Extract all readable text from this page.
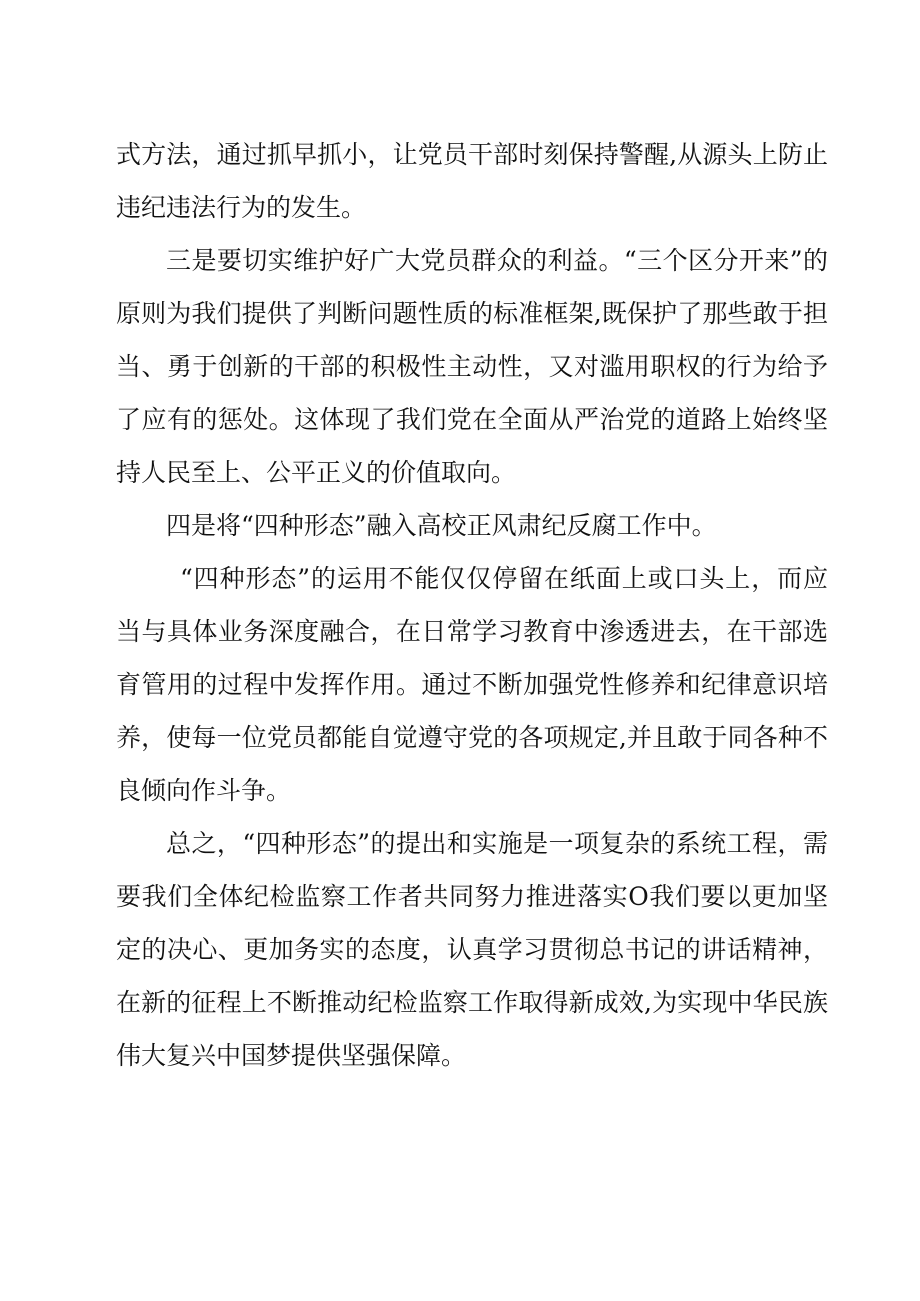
式方法，通过抓早抓小，让党员干部时刻保持警醒,从源头上防止违纪违法行为的发生。

三是要切实维护好广大党员群众的利益。“三个区分开来”的原则为我们提供了判断问题性质的标准框架,既保护了那些敢于担当、勇于创新的干部的积极性主动性，又对滥用职权的行为给予了应有的惩处。这体现了我们党在全面从严治党的道路上始终坚持人民至上、公平正义的价值取向。

四是将“四种形态”融入高校正风肃纪反腐工作中。

“四种形态”的运用不能仅仅停留在纸面上或口头上，而应当与具体业务深度融合，在日常学习教育中渗透进去，在干部选育管用的过程中发挥作用。通过不断加强党性修养和纪律意识培养，使每一位党员都能自觉遵守党的各项规定,并且敢于同各种不良倾向作斗争。

总之，“四种形态”的提出和实施是一项复杂的系统工程，需要我们全体纪检监察工作者共同努力推进落实O我们要以更加坚定的决心、更加务实的态度，认真学习贯彻总书记的讲话精神，在新的征程上不断推动纪检监察工作取得新成效,为实现中华民族伟大复兴中国梦提供坚强保障。
